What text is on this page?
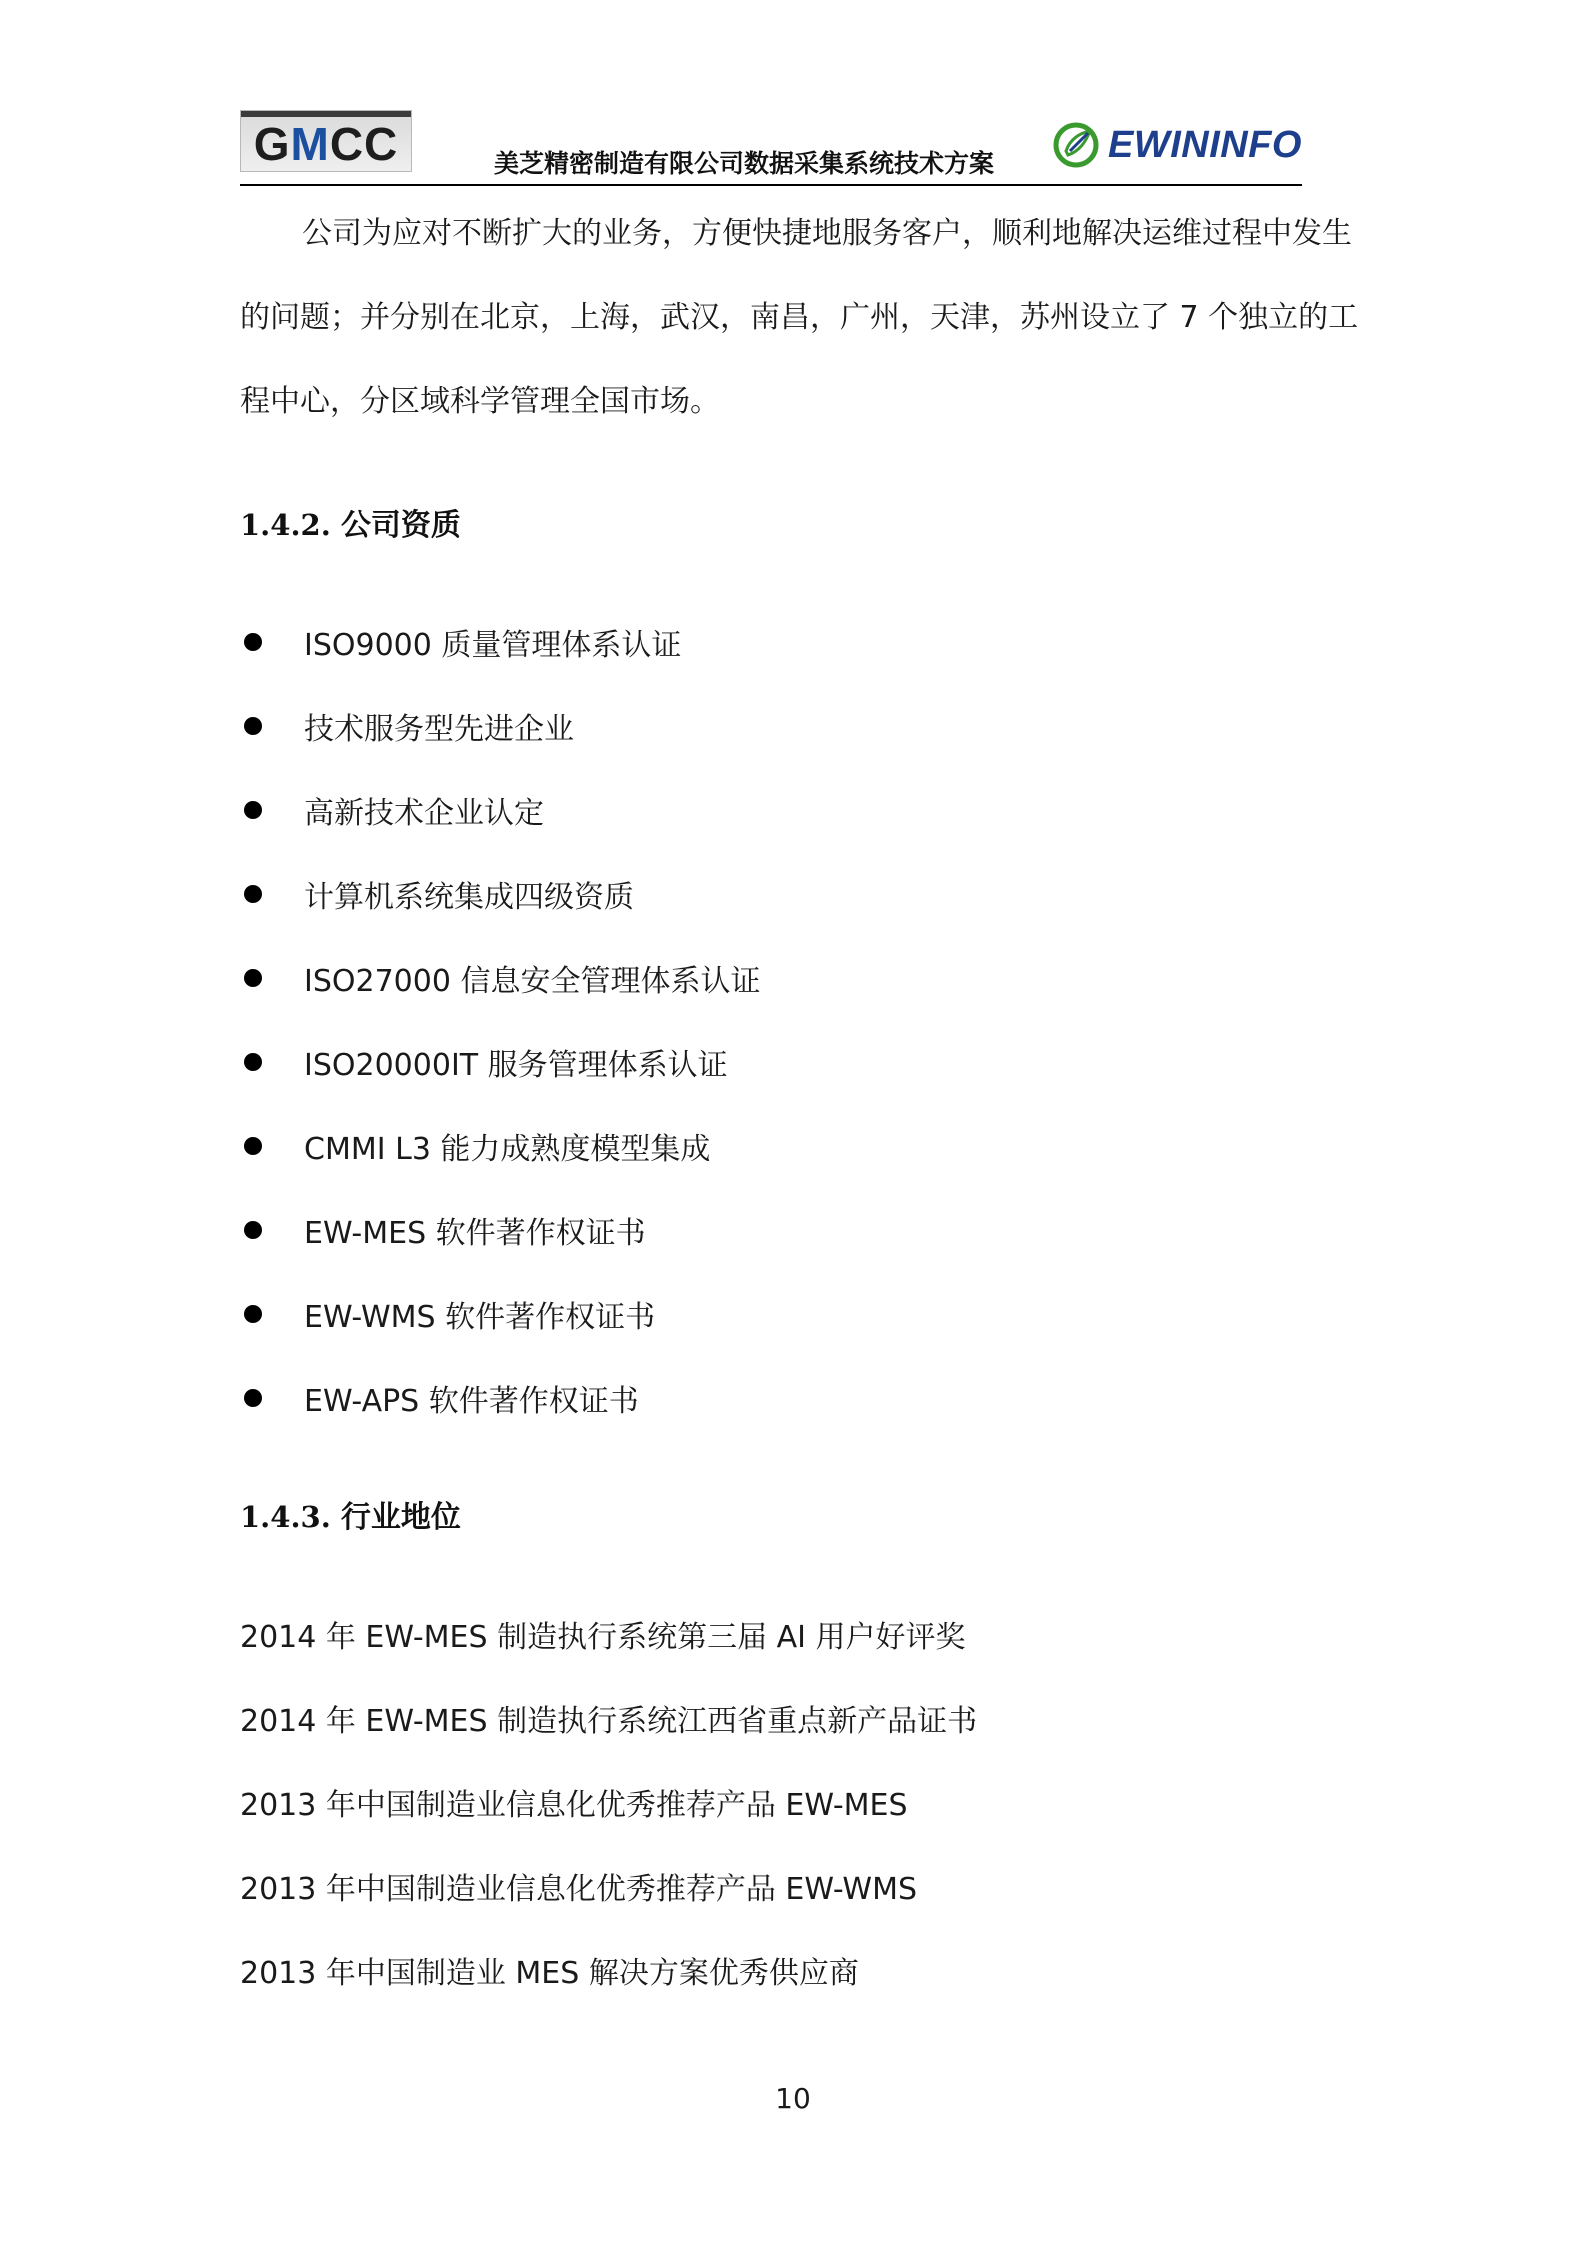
GMCC	美芝精密制造有限公司数据采集系统技术方案	EWININFO

公司为应对不断扩大的业务，方便快捷地服务客户，顺利地解决运维过程中发生的问题；并分别在北京，上海，武汉，南昌，广州，天津，苏州设立了 7 个独立的工程中心，分区域科学管理全国市场。

1.4.2. 公司资质
ISO9000 质量管理体系认证
技术服务型先进企业
高新技术企业认定
计算机系统集成四级资质
ISO27000 信息安全管理体系认证
ISO20000IT 服务管理体系认证
CMMI L3 能力成熟度模型集成
EW-MES 软件著作权证书
EW-WMS 软件著作权证书
EW-APS 软件著作权证书
1.4.3. 行业地位
2014 年 EW-MES 制造执行系统第三届 AI 用户好评奖
2014 年 EW-MES 制造执行系统江西省重点新产品证书
2013 年中国制造业信息化优秀推荐产品 EW-MES
2013 年中国制造业信息化优秀推荐产品 EW-WMS
2013 年中国制造业 MES 解决方案优秀供应商
10
